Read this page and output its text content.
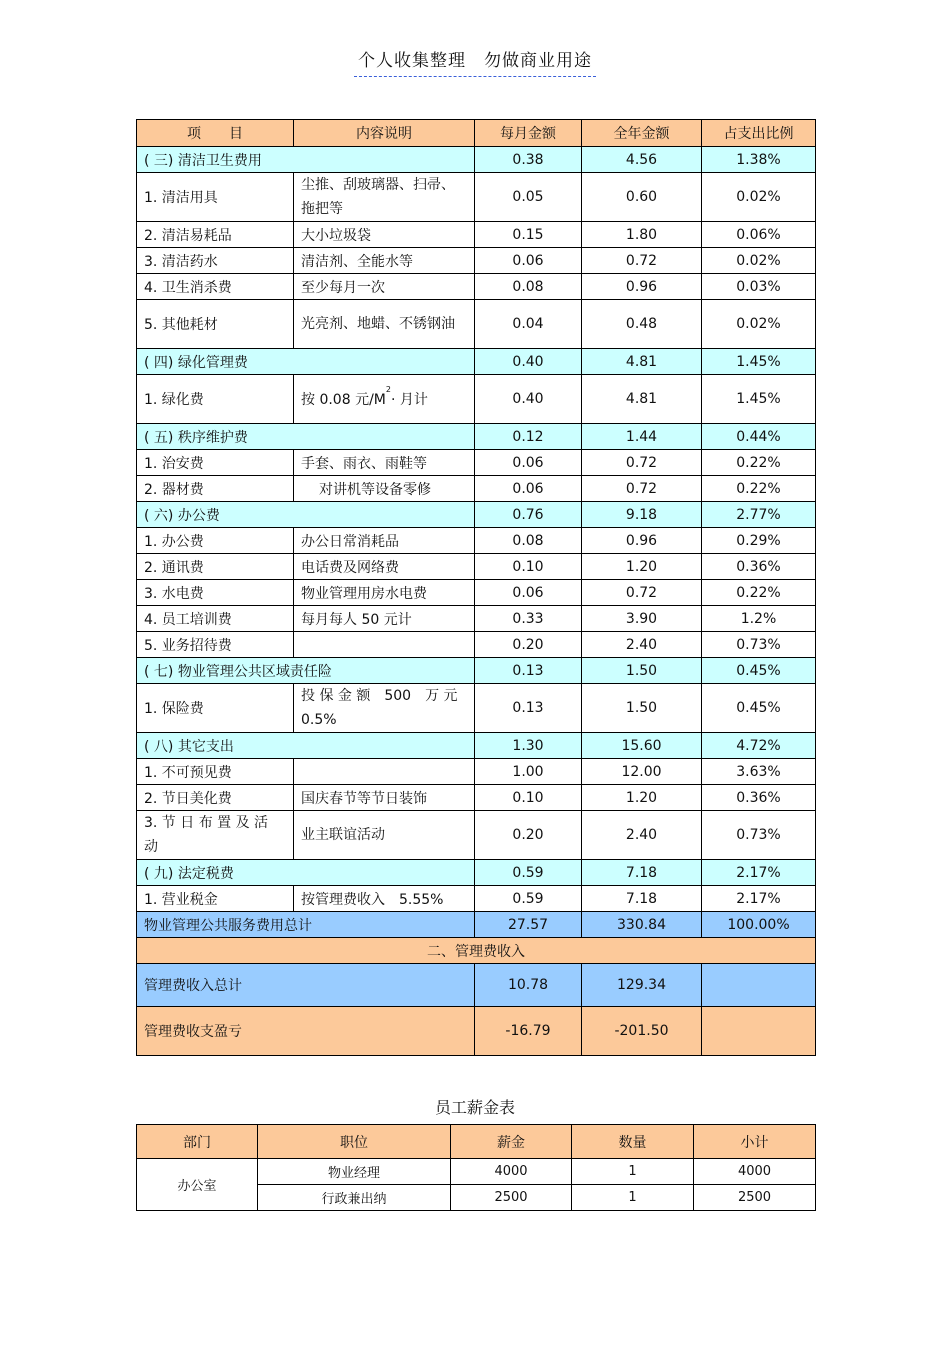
个人收集整理　勿做商业用途
项　　目	内容说明	每月金额	全年金额	占支出比例
( 三) 清洁卫生费用		0.38	4.56	1.38%
1. 清洁用具	尘推、刮玻璃器、扫帚、拖把等	0.05	0.60	0.02%
2. 清洁易耗品	大小垃圾袋	0.15	1.80	0.06%
3. 清洁药水	清洁剂、全能水等	0.06	0.72	0.02%
4. 卫生消杀费	至少每月一次	0.08	0.96	0.03%
5. 其他耗材	光亮剂、地蜡、不锈钢油	0.04	0.48	0.02%
( 四) 绿化管理费		0.40	4.81	1.45%
1. 绿化费	按 0.08 元$/M^2\cdot$ 月计	0.40	4.81	1.45%
( 五) 秩序维护费		0.12	1.44	0.44%
1. 治安费	手套、雨衣、雨鞋等	0.06	0.72	0.22%
2. 器材费	对讲机等设备零修	0.06	0.72	0.22%
( 六) 办公费		0.76	9.18	2.77%
1. 办公费	办公日常消耗品	0.08	0.96	0.29%
2. 通讯费	电话费及网络费	0.10	1.20	0.36%
3. 水电费	物业管理用房水电费	0.06	0.72	0.22%
4. 员工培训费	每月每人 50 元计	0.33	3.90	1.2%
5. 业务招待费		0.20	2.40	0.73%
( 七) 物业管理公共区域责任险		0.13	1.50	0.45%
1. 保险费	投 保 金 额　500　万 元 0.5%	0.13	1.50	0.45%
( 八) 其它支出		1.30	15.60	4.72%
1. 不可预见费		1.00	12.00	3.63%
2. 节日美化费	国庆春节等节日装饰	0.10	1.20	0.36%
3. 节 日 布 置 及 活 动	业主联谊活动	0.20	2.40	0.73%
( 九) 法定税费		0.59	7.18	2.17%
1. 营业税金	按管理费收入　5.55%	0.59	7.18	2.17%
物业管理公共服务费用总计		27.57	330.84	100.00%
二、管理费收入				
管理费收入总计		10.78	129.34	
管理费收支盈亏		-16.79	-201.50	
员工薪金表
部门	职位	薪金	数量	小计
办公室	物业经理	4000	1	4000
	行政兼出纳	2500	1	2500
